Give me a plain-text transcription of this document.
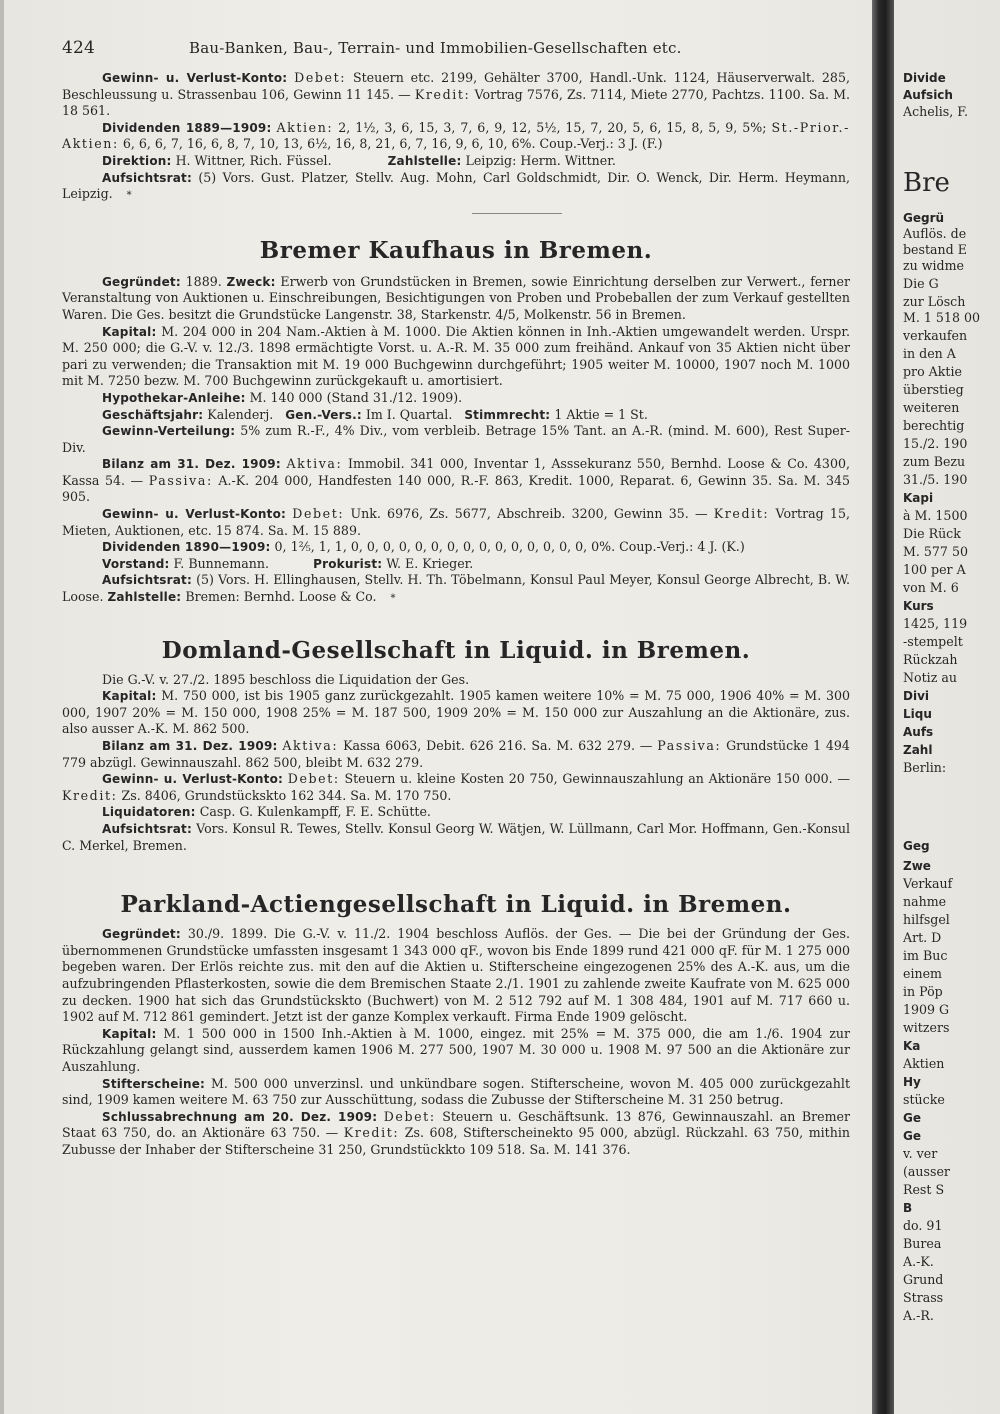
424	Bau-Banken, Bau-, Terrain- und Immobilien-Gesellschaften etc.

Gewinn- u. Verlust-Konto: Debet: Steuern etc. 2199, Gehälter 3700, Handl.-Unk. 1124, Häuserverwalt. 285, Beschleussung u. Strassenbau 106, Gewinn 11 145. — Kredit: Vortrag 7576, Zs. 7114, Miete 2770, Pachtzs. 1100. Sa. M. 18 561.

Dividenden 1889—1909: Aktien: 2, 1½, 3, 6, 15, 3, 7, 6, 9, 12, 5½, 15, 7, 20, 5, 6, 15, 8, 5, 9, 5%; St.-Prior.-Aktien: 6, 6, 6, 7, 16, 6, 8, 7, 10, 13, 6½, 16, 8, 21, 6, 7, 16, 9, 6, 10, 6%. Coup.-Verj.: 3 J. (F.)

Direktion: H. Wittner, Rich. Füssel.	Zahlstelle: Leipzig: Herm. Wittner.

Aufsichtsrat: (5) Vors. Gust. Platzer, Stellv. Aug. Mohn, Carl Goldschmidt, Dir. O. Wenck, Dir. Herm. Heymann, Leipzig. *

Bremer Kaufhaus in Bremen.

Gegründet: 1889. Zweck: Erwerb von Grundstücken in Bremen, sowie Einrichtung derselben zur Verwert., ferner Veranstaltung von Auktionen u. Einschreibungen, Besichtigungen von Proben und Probeballen der zum Verkauf gestellten Waren. Die Ges. besitzt die Grundstücke Langenstr. 38, Starkenstr. 4/5, Molkenstr. 56 in Bremen.

Kapital: M. 204 000 in 204 Nam.-Aktien à M. 1000. Die Aktien können in Inh.-Aktien umgewandelt werden. Urspr. M. 250 000; die G.-V. v. 12./3. 1898 ermächtigte Vorst. u. A.-R. M. 35 000 zum freihänd. Ankauf von 35 Aktien nicht über pari zu verwenden; die Transaktion mit M. 19 000 Buchgewinn durchgeführt; 1905 weiter M. 10000, 1907 noch M. 1000 mit M. 7250 bezw. M. 700 Buchgewinn zurückgekauft u. amortisiert.

Hypothekar-Anleihe: M. 140 000 (Stand 31./12. 1909).

Geschäftsjahr: Kalenderj. Gen.-Vers.: Im I. Quartal. Stimmrecht: 1 Aktie = 1 St.

Gewinn-Verteilung: 5% zum R.-F., 4% Div., vom verbleib. Betrage 15% Tant. an A.-R. (mind. M. 600), Rest Super-Div.

Bilanz am 31. Dez. 1909: Aktiva: Immobil. 341 000, Inventar 1, Asssekuranz 550, Bernhd. Loose & Co. 4300, Kassa 54. — Passiva: A.-K. 204 000, Handfesten 140 000, R.-F. 863, Kredit. 1000, Reparat. 6, Gewinn 35. Sa. M. 345 905.

Gewinn- u. Verlust-Konto: Debet: Unk. 6976, Zs. 5677, Abschreib. 3200, Gewinn 35. — Kredit: Vortrag 15, Mieten, Auktionen, etc. 15 874. Sa. M. 15 889.

Dividenden 1890—1909: 0, 1⅖, 1, 1, 0, 0, 0, 0, 0, 0, 0, 0, 0, 0, 0, 0, 0, 0, 0, 0%. Coup.-Verj.: 4 J. (K.)

Vorstand: F. Bunnemann.	Prokurist: W. E. Krieger.

Aufsichtsrat: (5) Vors. H. Ellinghausen, Stellv. H. Th. Töbelmann, Konsul Paul Meyer, Konsul George Albrecht, B. W. Loose. Zahlstelle: Bremen: Bernhd. Loose & Co. *

Domland-Gesellschaft in Liquid. in Bremen.

Die G.-V. v. 27./2. 1895 beschloss die Liquidation der Ges.

Kapital: M. 750 000, ist bis 1905 ganz zurückgezahlt. 1905 kamen weitere 10% = M. 75 000, 1906 40% = M. 300 000, 1907 20% = M. 150 000, 1908 25% = M. 187 500, 1909 20% = M. 150 000 zur Auszahlung an die Aktionäre, zus. also ausser A.-K. M. 862 500.

Bilanz am 31. Dez. 1909: Aktiva: Kassa 6063, Debit. 626 216. Sa. M. 632 279. — Passiva: Grundstücke 1 494 779 abzügl. Gewinnauszahl. 862 500, bleibt M. 632 279.

Gewinn- u. Verlust-Konto: Debet: Steuern u. kleine Kosten 20 750, Gewinnauszahlung an Aktionäre 150 000. — Kredit: Zs. 8406, Grundstückskto 162 344. Sa. M. 170 750.

Liquidatoren: Casp. G. Kulenkampff, F. E. Schütte.

Aufsichtsrat: Vors. Konsul R. Tewes, Stellv. Konsul Georg W. Wätjen, W. Lüllmann, Carl Mor. Hoffmann, Gen.-Konsul C. Merkel, Bremen.

Parkland-Actiengesellschaft in Liquid. in Bremen.

Gegründet: 30./9. 1899. Die G.-V. v. 11./2. 1904 beschloss Auflös. der Ges. — Die bei der Gründung der Ges. übernommenen Grundstücke umfassten insgesamt 1 343 000 qF., wovon bis Ende 1899 rund 421 000 qF. für M. 1 275 000 begeben waren. Der Erlös reichte zus. mit den auf die Aktien u. Stifterscheine eingezogenen 25% des A.-K. aus, um die aufzubringenden Pflasterkosten, sowie die dem Bremischen Staate 2./1. 1901 zu zahlende zweite Kaufrate von M. 625 000 zu decken. 1900 hat sich das Grundstückskto (Buchwert) von M. 2 512 792 auf M. 1 308 484, 1901 auf M. 717 660 u. 1902 auf M. 712 861 gemindert. Jetzt ist der ganze Komplex verkauft. Firma Ende 1909 gelöscht.

Kapital: M. 1 500 000 in 1500 Inh.-Aktien à M. 1000, eingez. mit 25% = M. 375 000, die am 1./6. 1904 zur Rückzahlung gelangt sind, ausserdem kamen 1906 M. 277 500, 1907 M. 30 000 u. 1908 M. 97 500 an die Aktionäre zur Auszahlung.

Stifterscheine: M. 500 000 unverzinsl. und unkündbare sogen. Stifterscheine, wovon M. 405 000 zurückgezahlt sind, 1909 kamen weitere M. 63 750 zur Ausschüttung, sodass die Zubusse der Stifterscheine M. 31 250 betrug.

Schlussabrechnung am 20. Dez. 1909: Debet: Steuern u. Geschäftsunk. 13 876, Gewinnauszahl. an Bremer Staat 63 750, do. an Aktionäre 63 750. — Kredit: Zs. 608, Stifterscheinekto 95 000, abzügl. Rückzahl. 63 750, mithin Zubusse der Inhaber der Stifterscheine 31 250, Grundstückkto 109 518. Sa. M. 141 376.

Divide
Aufsich
Achelis, F.
Bre
Gegrü
Auflös. de
bestand E
zu widme
Die G
zur Lösch
M. 1 518 00
verkaufen
in den A
pro Aktie
überstieg
weiteren
berechtig
15./2. 190
zum Bezu
31./5. 190
Kapi
à M. 1500
Die Rück
M. 577 50
100 per A
von M. 6
Kurs
1425, 119
-stempelt
Rückzah
Notiz au
Divi
Liqu
Aufs
Zahl
Berlin:
Geg
Zwe
Verkauf
nahme
hilfsgel
Art. D
im Buc
einem
in Pöp
1909 G
witzers
Ka
Aktien
Hy
stücke
Ge
Ge
v. ver
(ausser
Rest S
B
do. 91
Burea
A.-K.
Grund
Strass
A.-R.
